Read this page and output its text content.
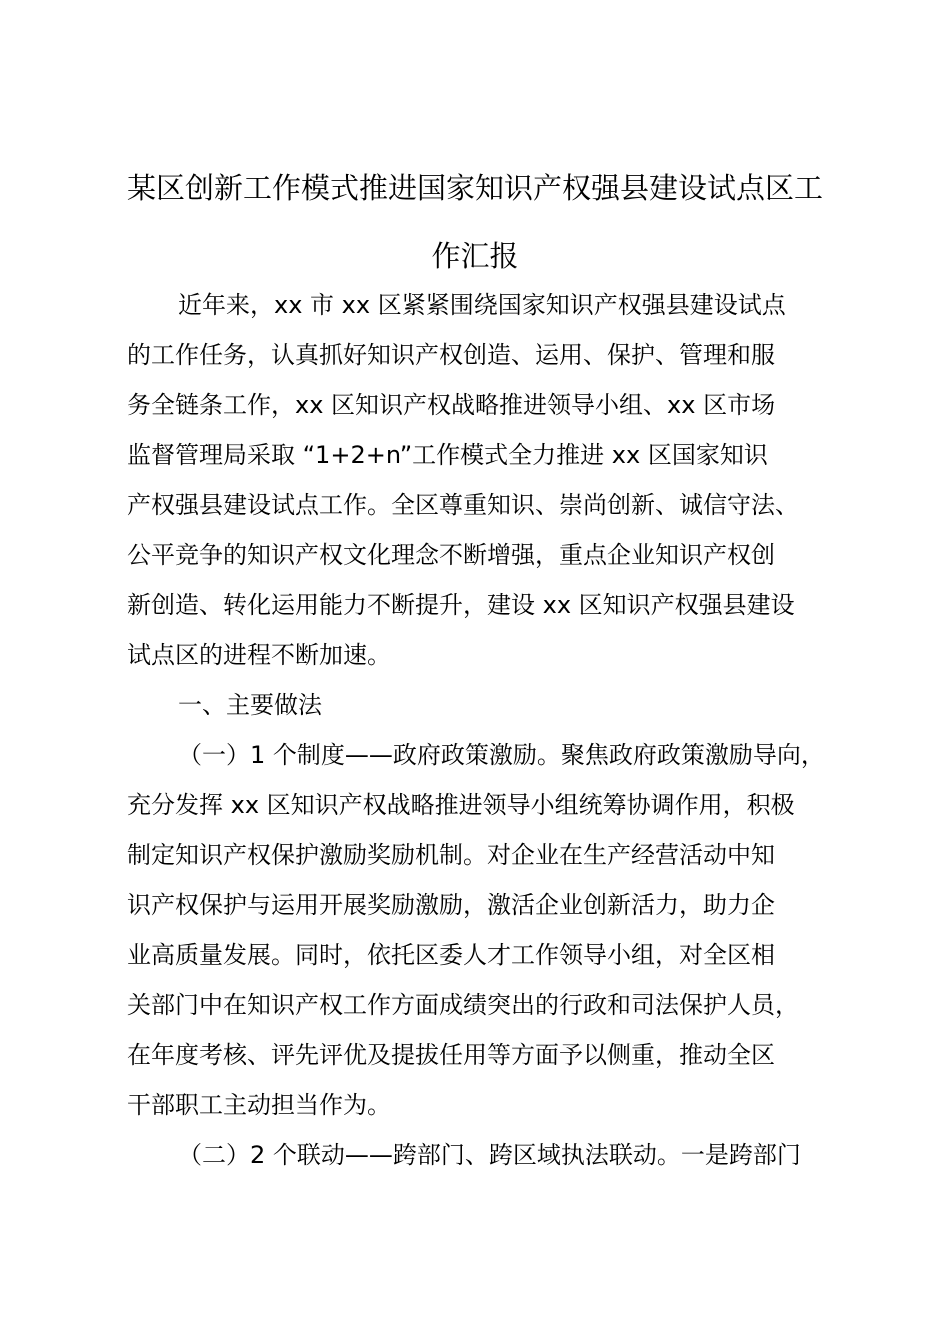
某区创新工作模式推进国家知识产权强县建设试点区工
作汇报
近年来，xx 市 xx 区紧紧围绕国家知识产权强县建设试点
的工作任务，认真抓好知识产权创造、运用、保护、管理和服
务全链条工作，xx 区知识产权战略推进领导小组、xx 区市场
监督管理局采取 “1+2+n”工作模式全力推进 xx 区国家知识
产权强县建设试点工作。全区尊重知识、崇尚创新、诚信守法、
公平竞争的知识产权文化理念不断增强，重点企业知识产权创
新创造、转化运用能力不断提升，建设 xx 区知识产权强县建设
试点区的进程不断加速。
一、主要做法
（一）1 个制度——政府政策激励。聚焦政府政策激励导向，
充分发挥 xx 区知识产权战略推进领导小组统筹协调作用，积极
制定知识产权保护激励奖励机制。对企业在生产经营活动中知
识产权保护与运用开展奖励激励，激活企业创新活力，助力企
业高质量发展。同时，依托区委人才工作领导小组，对全区相
关部门中在知识产权工作方面成绩突出的行政和司法保护人员，
在年度考核、评先评优及提拔任用等方面予以侧重，推动全区
干部职工主动担当作为。
（二）2 个联动——跨部门、跨区域执法联动。一是跨部门
